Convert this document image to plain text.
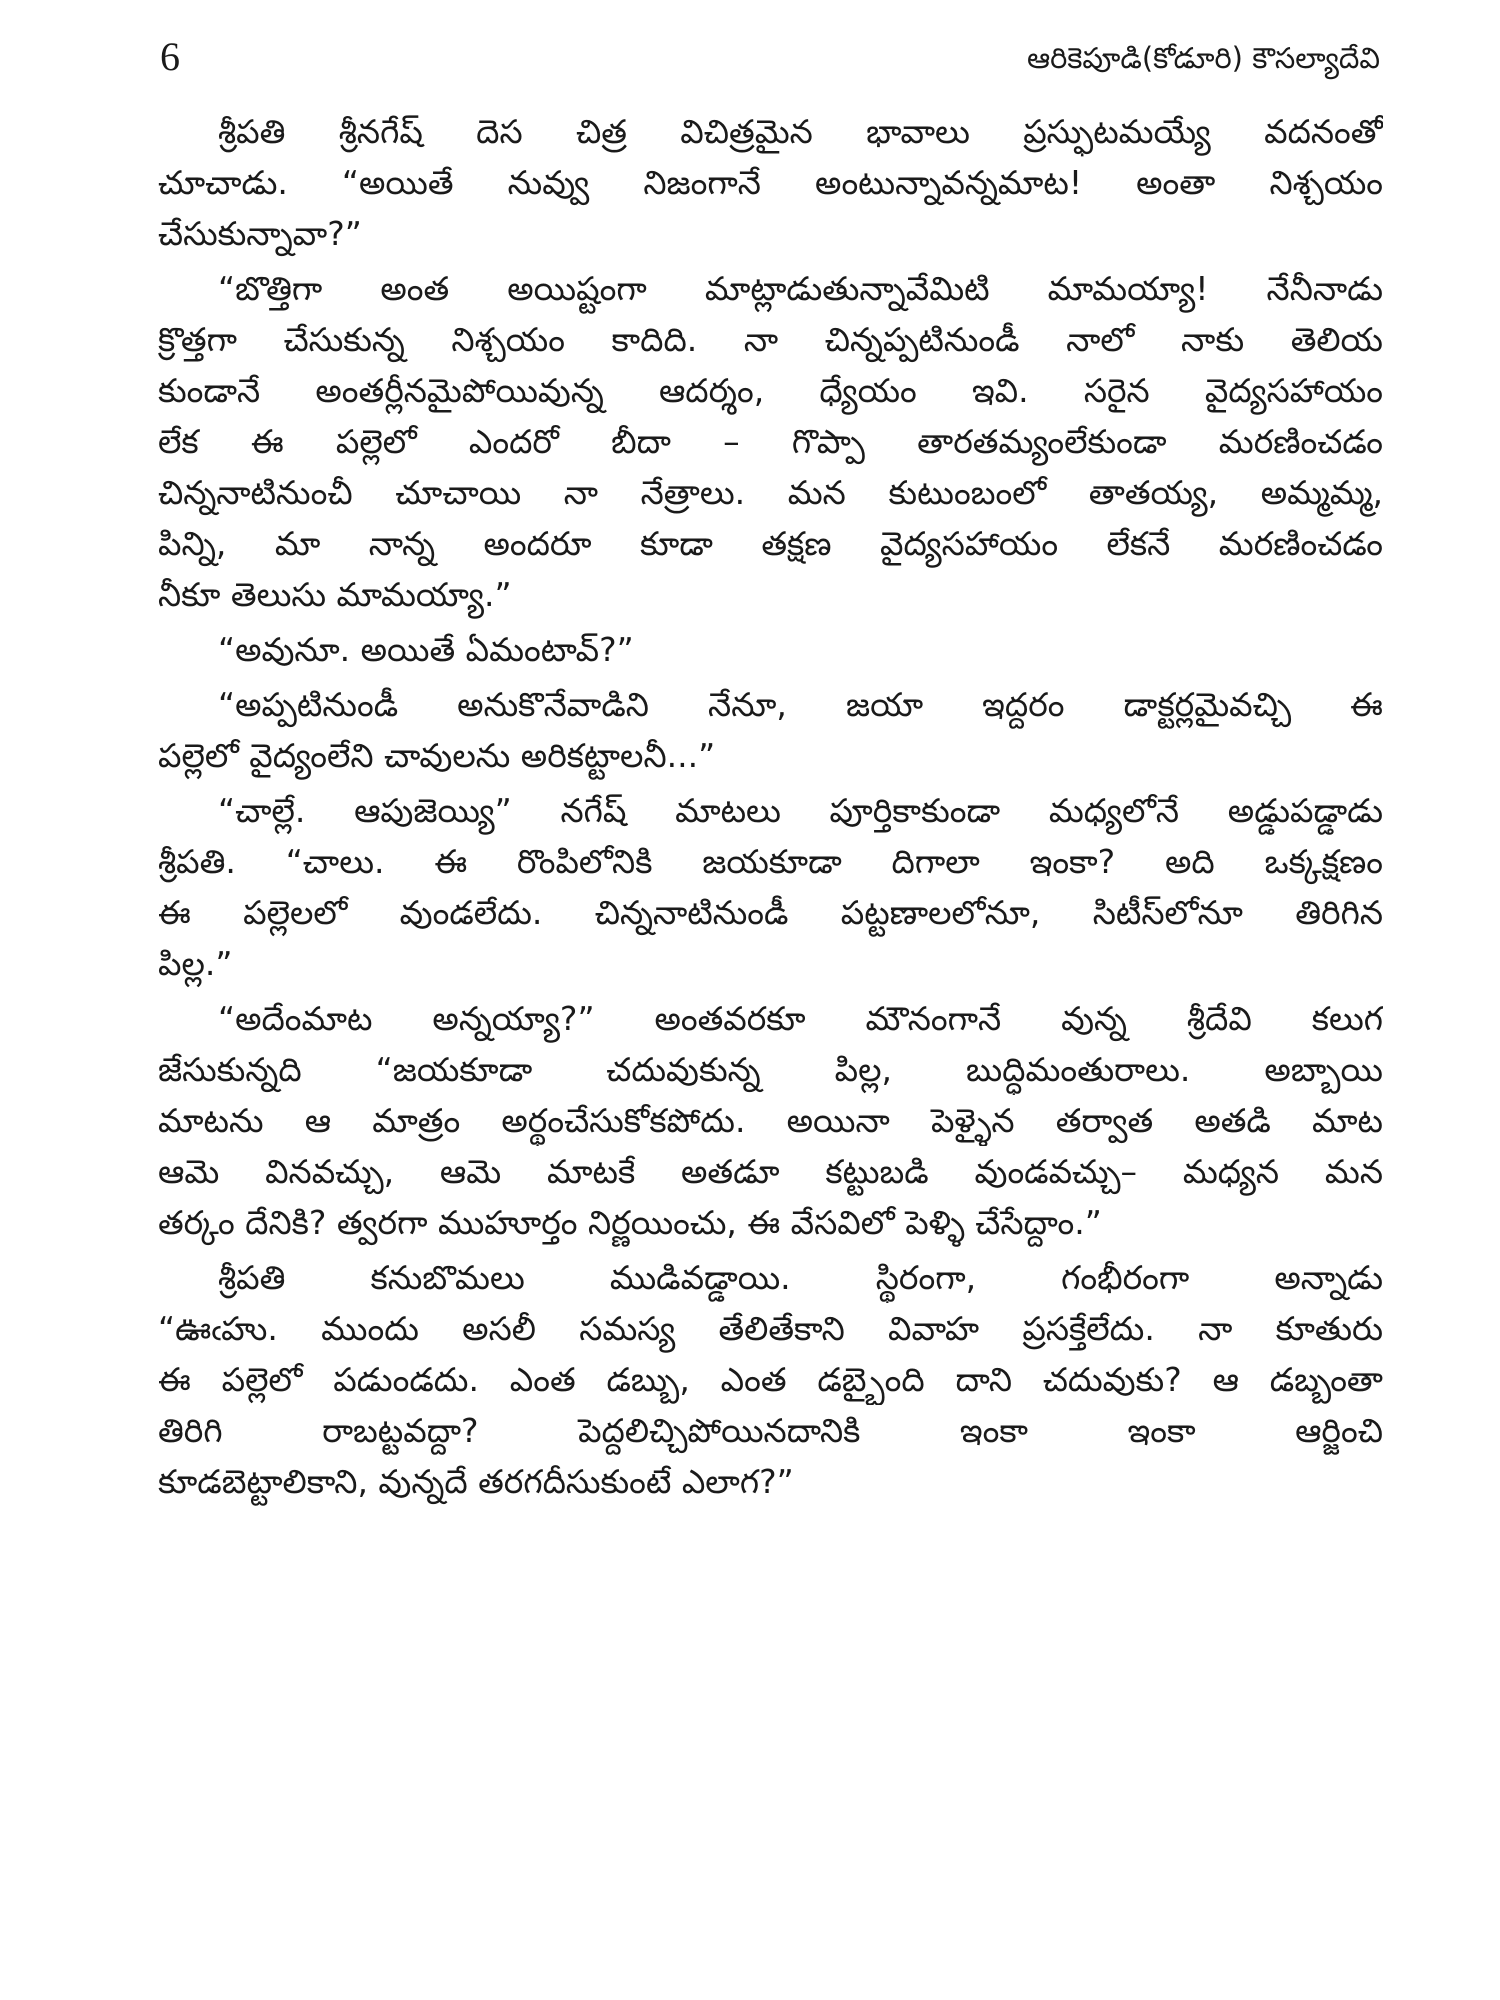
6	ఆరికెపూడి(కోడూరి) కౌసల్యాదేవి
శ్రీపతి శ్రీనగేష్ దెస చిత్ర విచిత్రమైన భావాలు ప్రస్ఫుటమయ్యే వదనంతో
చూచాడు. “అయితే నువ్వు నిజంగానే అంటున్నావన్నమాట! అంతా నిశ్చయం
చేసుకున్నావా?”
“బొత్తిగా అంత అయిష్టంగా మాట్లాడుతున్నావేమిటి మామయ్యా! నేనీనాడు
క్రొత్తగా చేసుకున్న నిశ్చయం కాదిది. నా చిన్నప్పటినుండీ నాలో నాకు తెలియ
కుండానే అంతర్లీనమైపోయివున్న ఆదర్శం, ధ్యేయం ఇవి. సరైన వైద్యసహాయం
లేక ఈ పల్లెలో ఎందరో బీదా – గొప్పా తారతమ్యంలేకుండా మరణించడం
చిన్ననాటినుంచీ చూచాయి నా నేత్రాలు. మన కుటుంబంలో తాతయ్య, అమ్మమ్మ,
పిన్ని, మా నాన్న అందరూ కూడా తక్షణ వైద్యసహాయం లేకనే మరణించడం
నీకూ తెలుసు మామయ్యా.”
“అవునూ. అయితే ఏమంటావ్?”
“అప్పటినుండీ అనుకొనేవాడిని నేనూ, జయా ఇద్దరం డాక్టర్లమైవచ్చి ఈ
పల్లెలో వైద్యంలేని చావులను అరికట్టాలనీ...”
“చాల్లే. ఆపుజెయ్యి” నగేష్ మాటలు పూర్తికాకుండా మధ్యలోనే అడ్డుపడ్డాడు
శ్రీపతి. “చాలు. ఈ రొంపిలోనికి జయకూడా దిగాలా ఇంకా? అది ఒక్కక్షణం
ఈ పల్లెలలో వుండలేదు. చిన్ననాటినుండీ పట్టణాలలోనూ, సిటీస్‌లోనూ తిరిగిన
పిల్ల.”
“అదేంమాట అన్నయ్యా?” అంతవరకూ మౌనంగానే వున్న శ్రీదేవి కలుగ
జేసుకున్నది “జయకూడా చదువుకున్న పిల్ల, బుద్ధిమంతురాలు. అబ్బాయి
మాటను ఆ మాత్రం అర్థంచేసుకోకపోదు. అయినా పెళ్ళైన తర్వాత అతడి మాట
ఆమె వినవచ్చు, ఆమె మాటకే అతడూ కట్టుబడి వుండవచ్చు– మధ్యన మన
తర్కం దేనికి? త్వరగా ముహూర్తం నిర్ణయించు, ఈ వేసవిలో పెళ్ళి చేసేద్దాం.”
శ్రీపతి కనుబొమలు ముడివడ్డాయి. స్థిరంగా, గంభీరంగా అన్నాడు
“ఊఁహు. ముందు అసలీ సమస్య తేలితేకాని వివాహ ప్రసక్తేలేదు. నా కూతురు
ఈ పల్లెలో పడుండదు. ఎంత డబ్బు, ఎంత డబ్బైంది దాని చదువుకు? ఆ డబ్బంతా
తిరిగి రాబట్టవద్దా? పెద్దలిచ్చిపోయినదానికి ఇంకా ఇంకా ఆర్జించి
కూడబెట్టాలికాని, వున్నదే తరగదీసుకుంటే ఎలాగ?”
